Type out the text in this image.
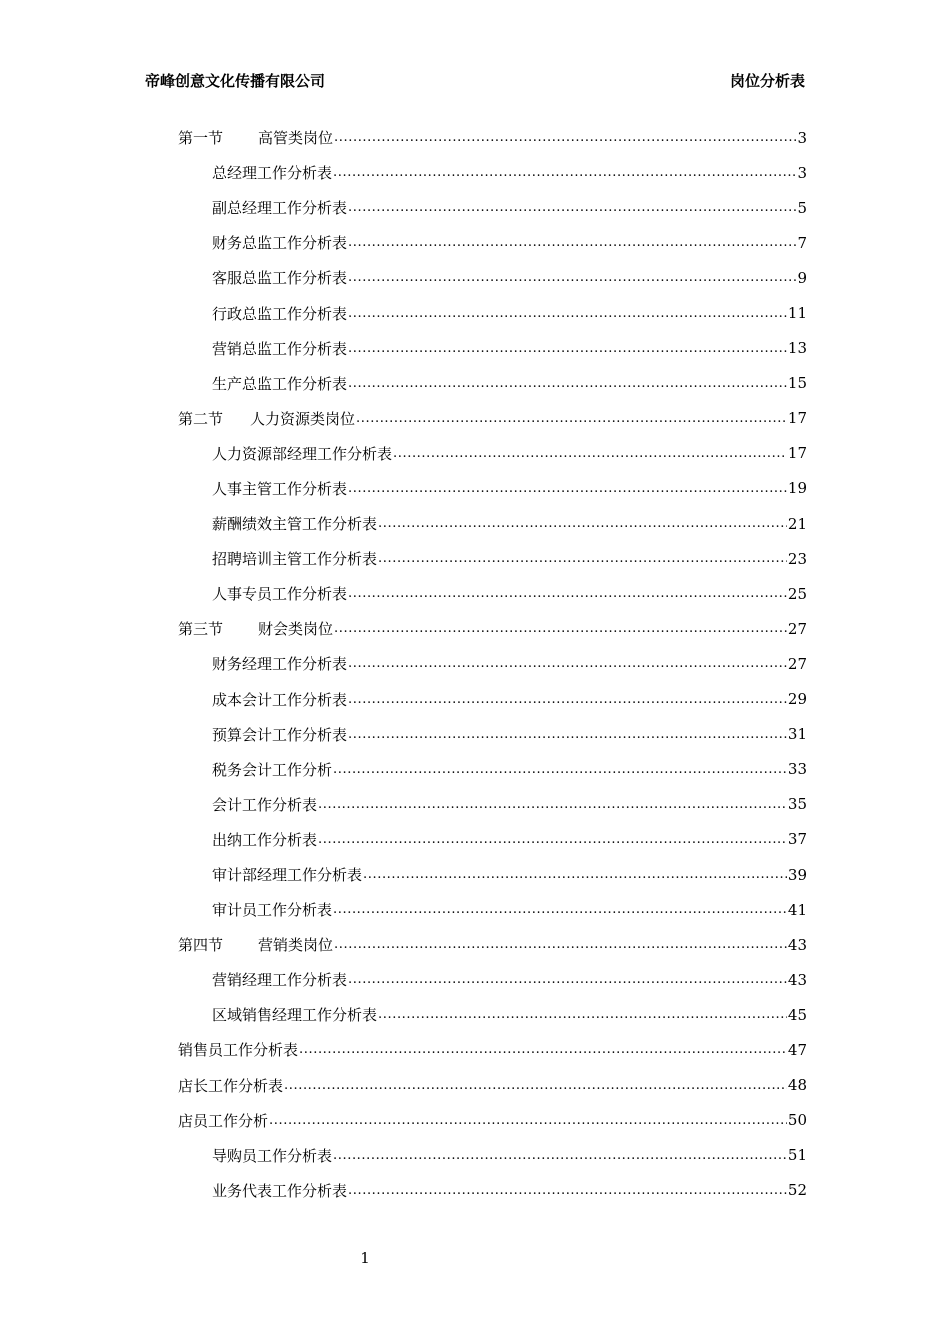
帝峰创意文化传播有限公司	岗位分析表
第一节 高管类岗位 .....	3
总经理工作分析表 .....	3
副总经理工作分析表 .....	5
财务总监工作分析表 .....	7
客服总监工作分析表 .....	9
行政总监工作分析表 .....	11
营销总监工作分析表 .....	13
生产总监工作分析表 .....	15
第二节 人力资源类岗位 .....	17
人力资源部经理工作分析表 .....	17
人事主管工作分析表 .....	19
薪酬绩效主管工作分析表 .....	21
招聘培训主管工作分析表 .....	23
人事专员工作分析表 .....	25
第三节 财会类岗位 .....	27
财务经理工作分析表 .....	27
成本会计工作分析表 .....	29
预算会计工作分析表 .....	31
税务会计工作分析 .....	33
会计工作分析表 .....	35
出纳工作分析表 .....	37
审计部经理工作分析表 .....	39
审计员工作分析表 .....	41
第四节 营销类岗位 .....	43
营销经理工作分析表 .....	43
区域销售经理工作分析表 .....	45
销售员工作分析表 .....	47
店长工作分析表 .....	48
店员工作分析 .....	50
导购员工作分析表 .....	51
业务代表工作分析表 .....	52
1
